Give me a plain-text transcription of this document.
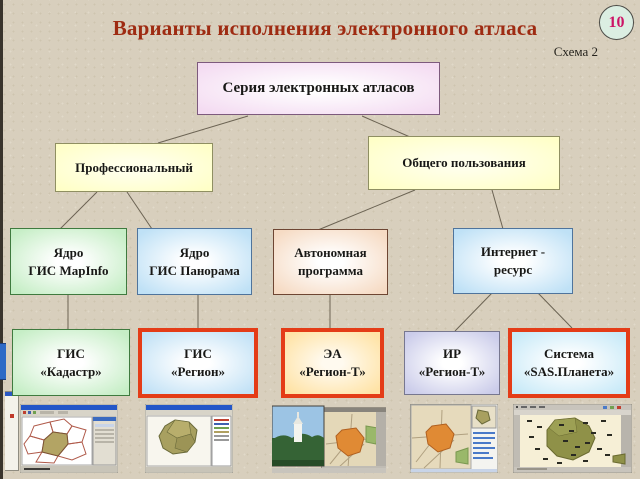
Варианты исполнения электронного атласа	10
Схема 2
Серия электронных атласов
Профессиональный	Общего пользования
Ядро
ГИС MapInfo
Ядро
ГИС Панорама
Автономная
программа
Интернет -
ресурс
ГИС
«Кадастр»
ГИС
«Регион»
ЭА
«Регион-Т»
ИР
«Регион-Т»
Система
«SAS.Планета»
